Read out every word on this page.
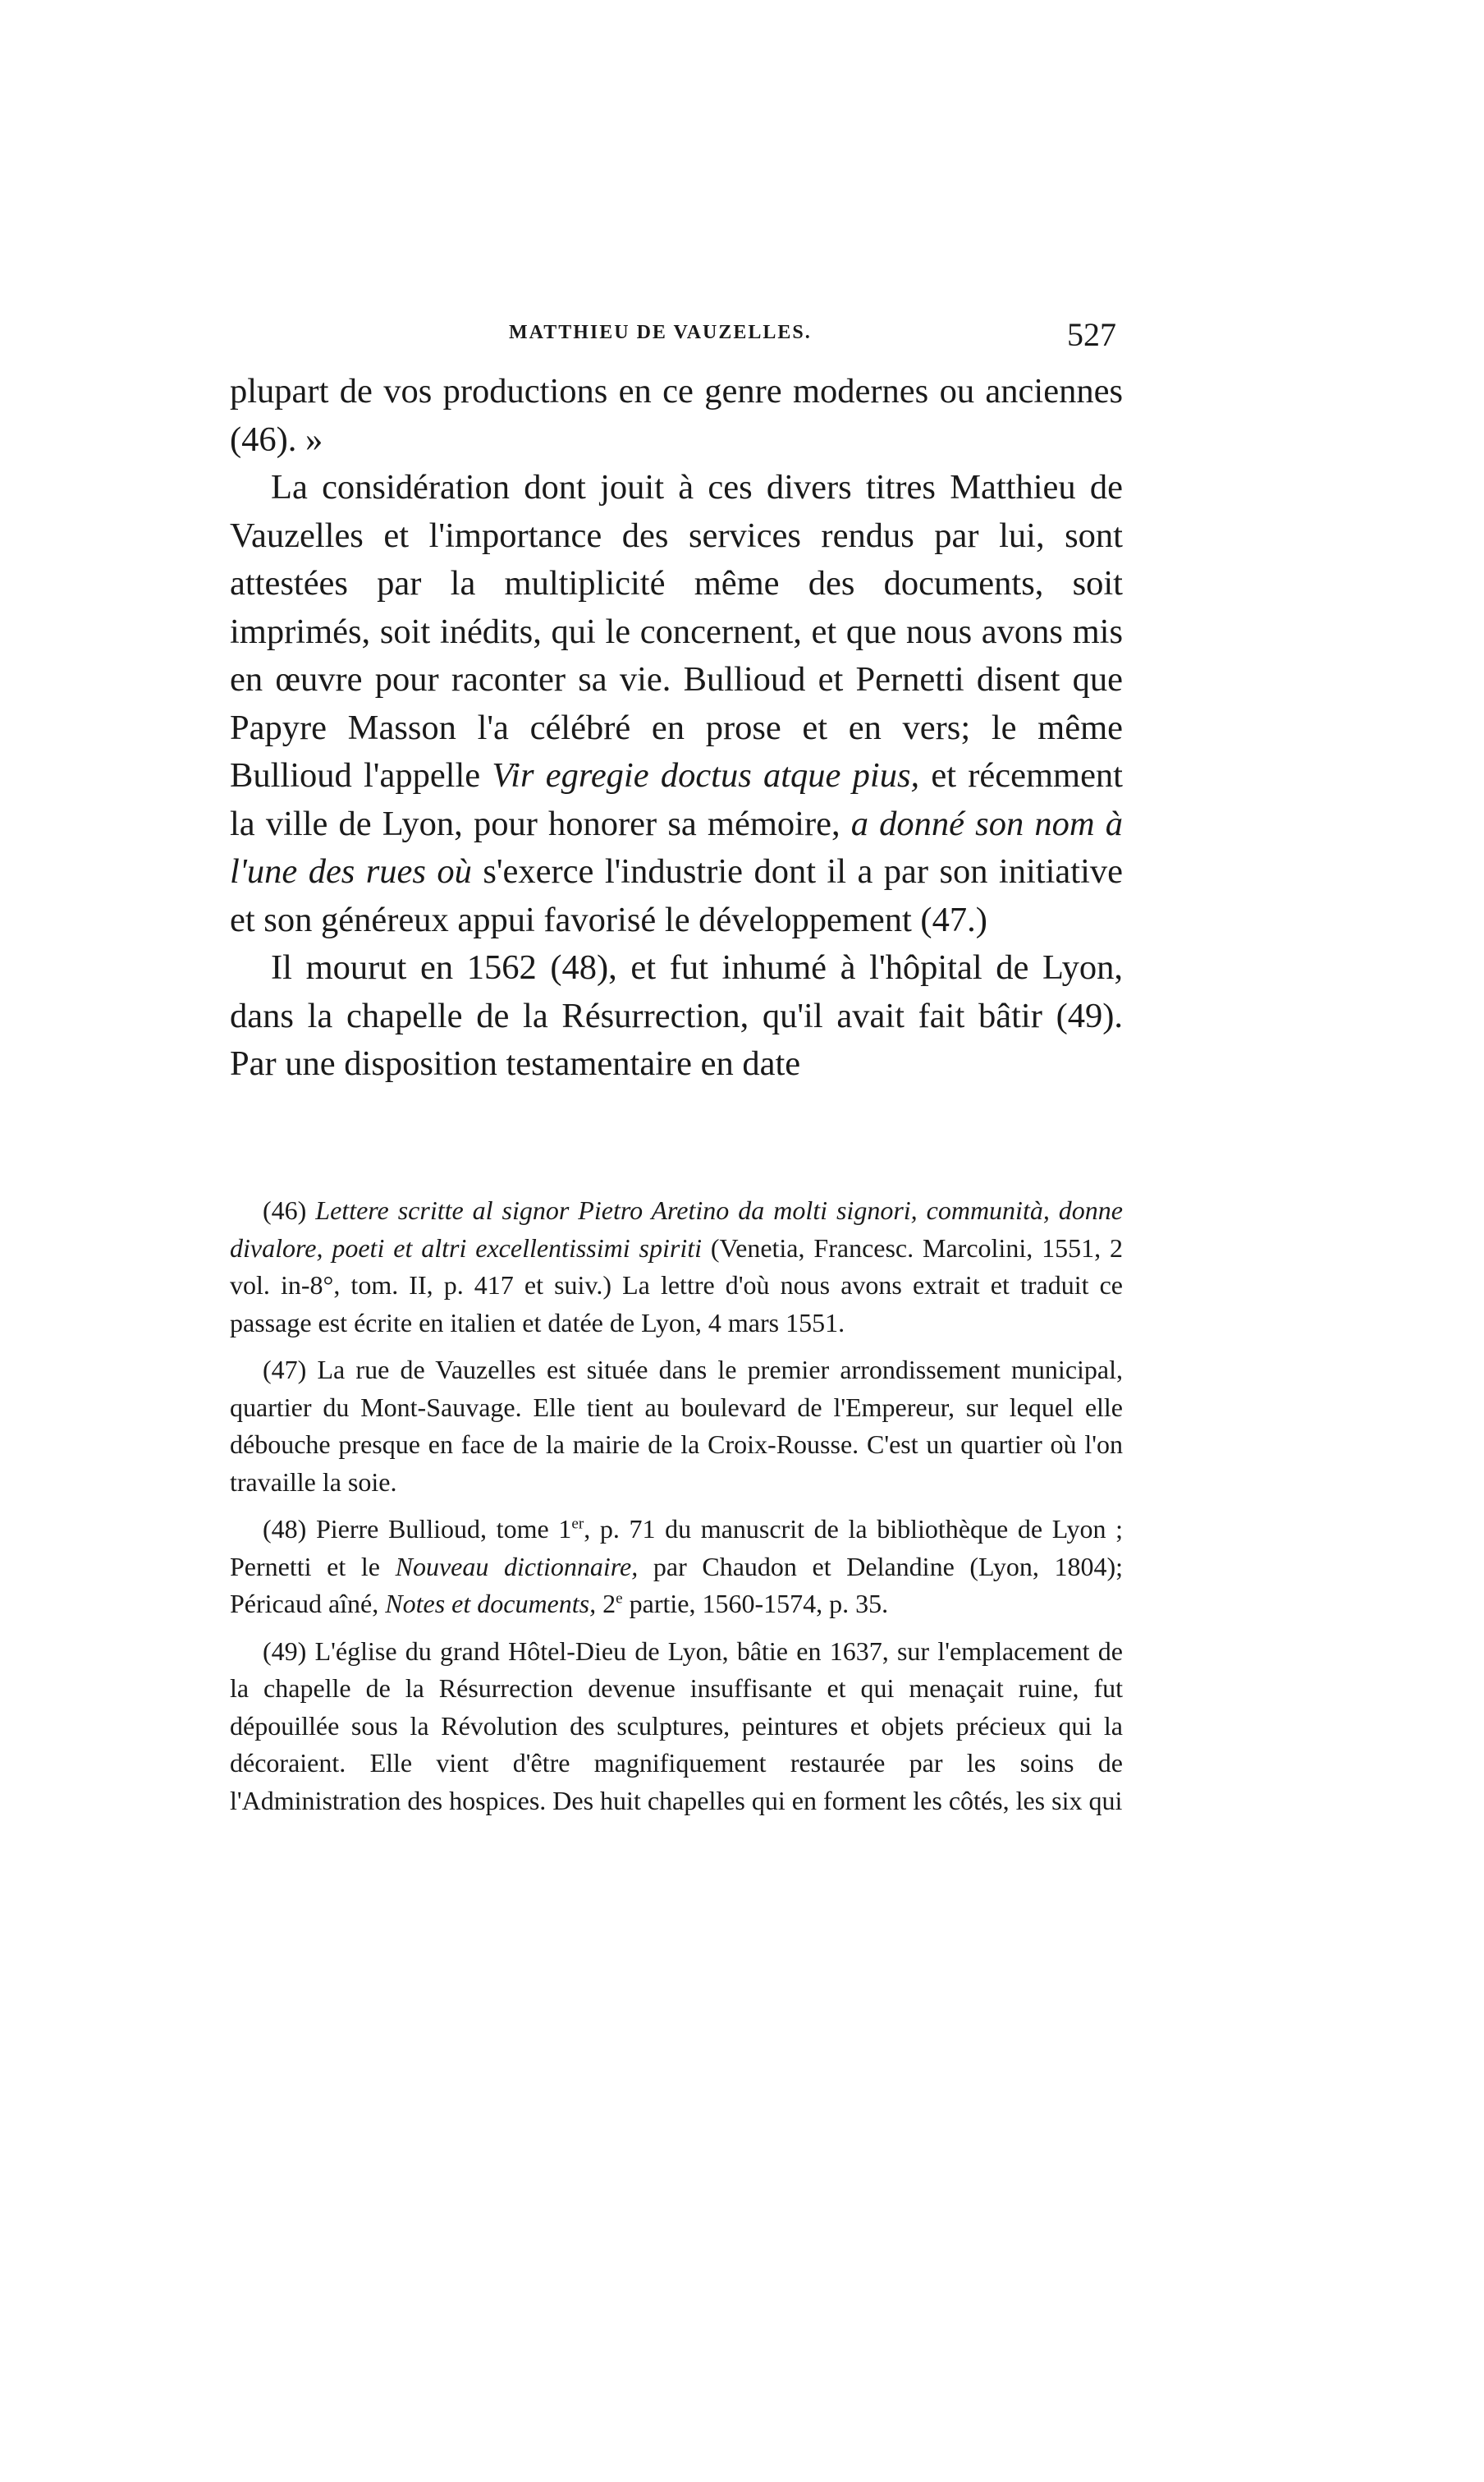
MATTHIEU DE VAUZELLES.	527

plupart de vos productions en ce genre modernes ou anciennes (46). »

La considération dont jouit à ces divers titres Matthieu de Vauzelles et l'importance des services rendus par lui, sont attestées par la multiplicité même des documents, soit imprimés, soit inédits, qui le concernent, et que nous avons mis en œuvre pour raconter sa vie. Bullioud et Pernetti disent que Papyre Masson l'a célébré en prose et en vers; le même Bullioud l'appelle Vir egregie doctus atque pius, et récemment la ville de Lyon, pour honorer sa mémoire, a donné son nom à l'une des rues où s'exerce l'industrie dont il a par son initiative et son généreux appui favorisé le développement (47.)

Il mourut en 1562 (48), et fut inhumé à l'hôpital de Lyon, dans la chapelle de la Résurrection, qu'il avait fait bâtir (49). Par une disposition testamentaire en date

(46) Lettere scritte al signor Pietro Aretino da molti signori, communità, donne divalore, poeti et altri excellentissimi spiriti (Venetia, Francesc. Marcolini, 1551, 2 vol. in-8°, tom. II, p. 417 et suiv.) La lettre d'où nous avons extrait et traduit ce passage est écrite en italien et datée de Lyon, 4 mars 1551.

(47) La rue de Vauzelles est située dans le premier arrondissement municipal, quartier du Mont-Sauvage. Elle tient au boulevard de l'Empereur, sur lequel elle débouche presque en face de la mairie de la Croix-Rousse. C'est un quartier où l'on travaille la soie.

(48) Pierre Bullioud, tome 1er, p. 71 du manuscrit de la bibliothèque de Lyon ; Pernetti et le Nouveau dictionnaire, par Chaudon et Delandine (Lyon, 1804); Péricaud aîné, Notes et documents, 2e partie, 1560-1574, p. 35.

(49) L'église du grand Hôtel-Dieu de Lyon, bâtie en 1637, sur l'emplacement de la chapelle de la Résurrection devenue insuffisante et qui menaçait ruine, fut dépouillée sous la Révolution des sculptures, peintures et objets précieux qui la décoraient. Elle vient d'être magnifiquement restaurée par les soins de l'Administration des hospices. Des huit chapelles qui en forment les côtés, les six qui
